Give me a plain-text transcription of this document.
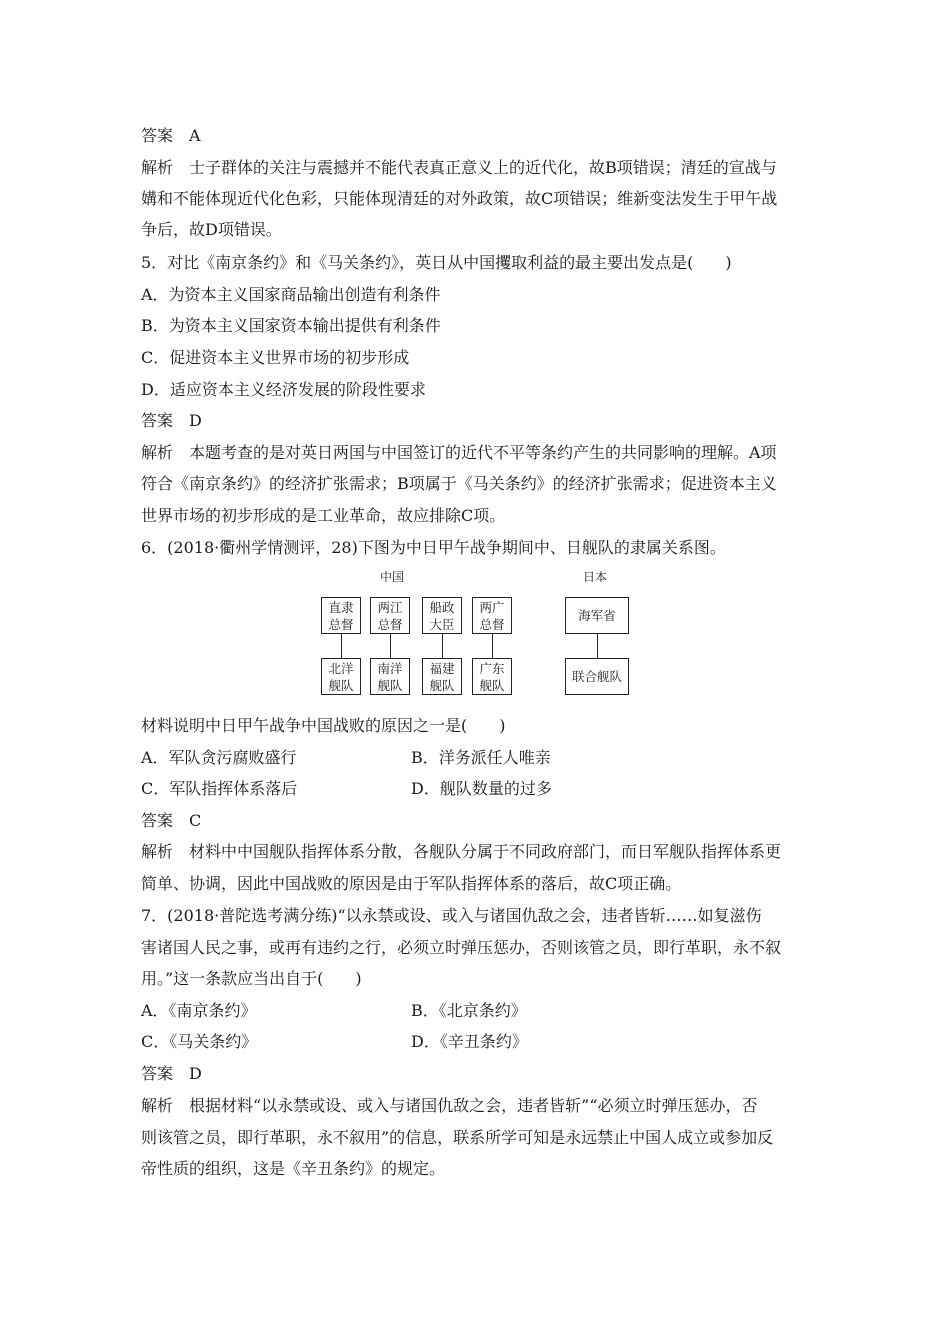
答案　A
解析　士子群体的关注与震撼并不能代表真正意义上的近代化，故B项错误；清廷的宣战与
媾和不能体现近代化色彩，只能体现清廷的对外政策，故C项错误；维新变法发生于甲午战
争后，故D项错误。
5．对比《南京条约》和《马关条约》，英日从中国攫取利益的最主要出发点是(　　)
A．为资本主义国家商品输出创造有利条件
B．为资本主义国家资本输出提供有利条件
C．促进资本主义世界市场的初步形成
D．适应资本主义经济发展的阶段性要求
答案　D
解析　本题考查的是对英日两国与中国签订的近代不平等条约产生的共同影响的理解。A项
符合《南京条约》的经济扩张需求；B项属于《马关条约》的经济扩张需求；促进资本主义
世界市场的初步形成的是工业革命，故应排除C项。
6．(2018·衢州学情测评，28)下图为中日甲午战争期间中、日舰队的隶属关系图。
中国	日本
直隶
总督
两江
总督
船政
大臣
两广
总督
北洋
舰队
南洋
舰队
福建
舰队
广东
舰队
海军省
联合舰队
材料说明中日甲午战争中国战败的原因之一是(　　)
A．军队贪污腐败盛行	B．洋务派任人唯亲
C．军队指挥体系落后	D．舰队数量的过多
答案　C
解析　材料中中国舰队指挥体系分散，各舰队分属于不同政府部门，而日军舰队指挥体系更
简单、协调，因此中国战败的原因是由于军队指挥体系的落后，故C项正确。
7．(2018·普陀选考满分练)“以永禁或设、或入与诸国仇敌之会，违者皆斩……如复滋伤
害诸国人民之事，或再有违约之行，必须立时弹压惩办，否则该管之员，即行革职，永不叙
用。”这一条款应当出自于(　　)
A．《南京条约》	B．《北京条约》
C．《马关条约》	D．《辛丑条约》
答案　D
解析　根据材料“以永禁或设、或入与诸国仇敌之会，违者皆斩”“必须立时弹压惩办，否
则该管之员，即行革职，永不叙用”的信息，联系所学可知是永远禁止中国人成立或参加反
帝性质的组织，这是《辛丑条约》的规定。
